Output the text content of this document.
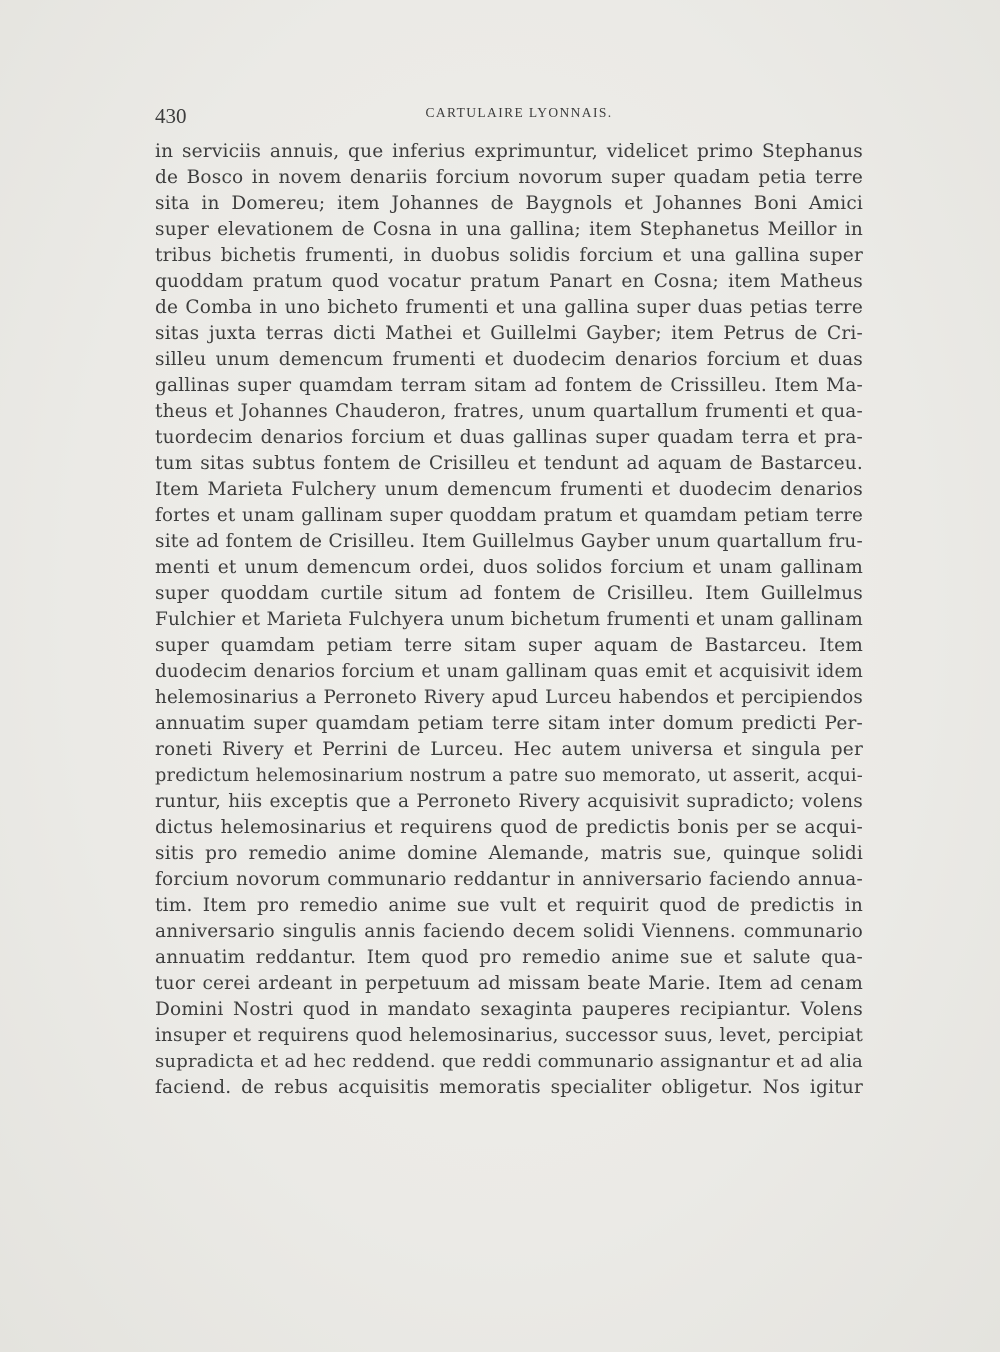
430	CARTULAIRE LYONNAIS.
in serviciis annuis, que inferius exprimuntur, videlicet primo Stephanus
de Bosco in novem denariis forcium novorum super quadam petia terre
sita in Domereu; item Johannes de Baygnols et Johannes Boni Amici
super elevationem de Cosna in una gallina; item Stephanetus Meillor in
tribus bichetis frumenti, in duobus solidis forcium et una gallina super
quoddam pratum quod vocatur pratum Panart en Cosna; item Matheus
de Comba in uno bicheto frumenti et una gallina super duas petias terre
sitas juxta terras dicti Mathei et Guillelmi Gayber; item Petrus de Cri-
silleu unum demencum frumenti et duodecim denarios forcium et duas
gallinas super quamdam terram sitam ad fontem de Crissilleu. Item Ma-
theus et Johannes Chauderon, fratres, unum quartallum frumenti et qua-
tuordecim denarios forcium et duas gallinas super quadam terra et pra-
tum sitas subtus fontem de Crisilleu et tendunt ad aquam de Bastarceu.
Item Marieta Fulchery unum demencum frumenti et duodecim denarios
fortes et unam gallinam super quoddam pratum et quamdam petiam terre
site ad fontem de Crisilleu. Item Guillelmus Gayber unum quartallum fru-
menti et unum demencum ordei, duos solidos forcium et unam gallinam
super quoddam curtile situm ad fontem de Crisilleu. Item Guillelmus
Fulchier et Marieta Fulchyera unum bichetum frumenti et unam gallinam
super quamdam petiam terre sitam super aquam de Bastarceu. Item
duodecim denarios forcium et unam gallinam quas emit et acquisivit idem
helemosinarius a Perroneto Rivery apud Lurceu habendos et percipiendos
annuatim super quamdam petiam terre sitam inter domum predicti Per-
roneti Rivery et Perrini de Lurceu. Hec autem universa et singula per
predictum helemosinarium nostrum a patre suo memorato, ut asserit, acqui-
runtur, hiis exceptis que a Perroneto Rivery acquisivit supradicto; volens
dictus helemosinarius et requirens quod de predictis bonis per se acqui-
sitis pro remedio anime domine Alemande, matris sue, quinque solidi
forcium novorum communario reddantur in anniversario faciendo annua-
tim. Item pro remedio anime sue vult et requirit quod de predictis in
anniversario singulis annis faciendo decem solidi Viennens. communario
annuatim reddantur. Item quod pro remedio anime sue et salute qua-
tuor cerei ardeant in perpetuum ad missam beate Marie. Item ad cenam
Domini Nostri quod in mandato sexaginta pauperes recipiantur. Volens
insuper et requirens quod helemosinarius, successor suus, levet, percipiat
supradicta et ad hec reddend. que reddi communario assignantur et ad alia
faciend. de rebus acquisitis memoratis specialiter obligetur. Nos igitur
